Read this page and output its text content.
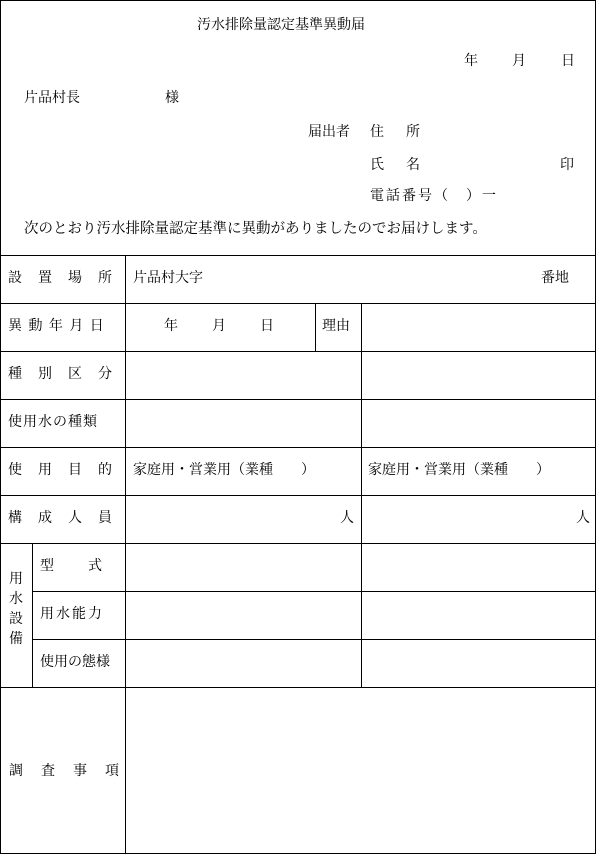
汚水排除量認定基準異動届
年 月	日
片品村長	様
届出者 住　所
氏　名	印
電話番号（　）一
次のとおり汚水排除量認定基準に異動がありましたのでお届けします。
設　置　場　所 片品村大字	番地
異 動 年 月 日	年 月 日	理由
種　別　区　分
使用水の種類
使　用　目　的 家庭用・営業用（業種　　）	家庭用・営業用（業種　　）
構　成　人　員	人	人
用水設備
型　　式
用水能力
使用の態様
調　査　事　項
